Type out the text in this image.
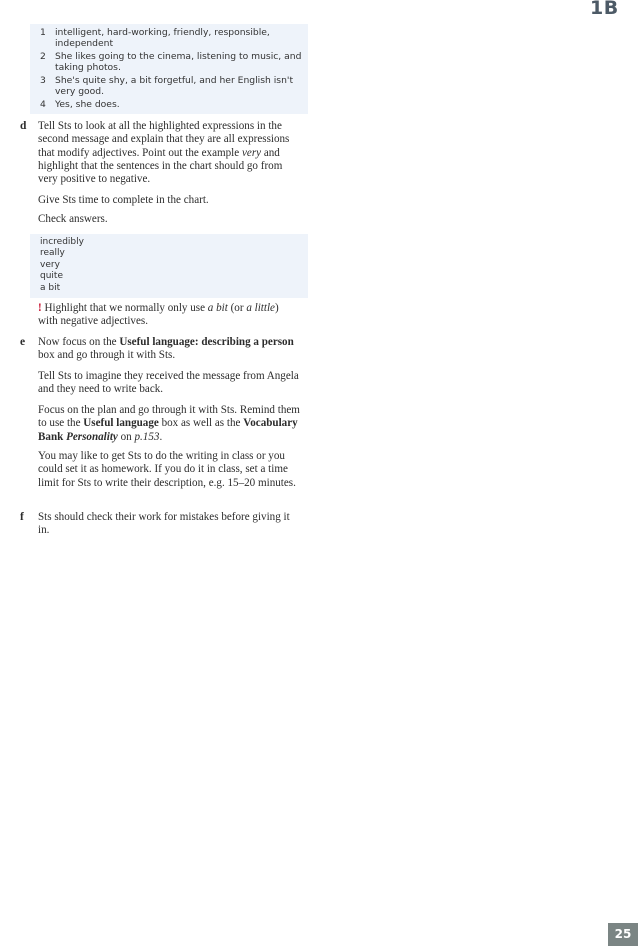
1B
1 intelligent, hard-working, friendly, responsible, independent
2 She likes going to the cinema, listening to music, and taking photos.
3 She's quite shy, a bit forgetful, and her English isn't very good.
4 Yes, she does.
d Tell Sts to look at all the highlighted expressions in the second message and explain that they are all expressions that modify adjectives. Point out the example very and highlight that the sentences in the chart should go from very positive to negative.

Give Sts time to complete in the chart.

Check answers.

incredibly
really
very
quite
a bit

! Highlight that we normally only use a bit (or a little) with negative adjectives.

e Now focus on the Useful language: describing a person box and go through it with Sts.

Tell Sts to imagine they received the message from Angela and they need to write back.

Focus on the plan and go through it with Sts. Remind them to use the Useful language box as well as the Vocabulary Bank Personality on p.153.

You may like to get Sts to do the writing in class or you could set it as homework. If you do it in class, set a time limit for Sts to write their description, e.g. 15–20 minutes.

f Sts should check their work for mistakes before giving it in.

25
